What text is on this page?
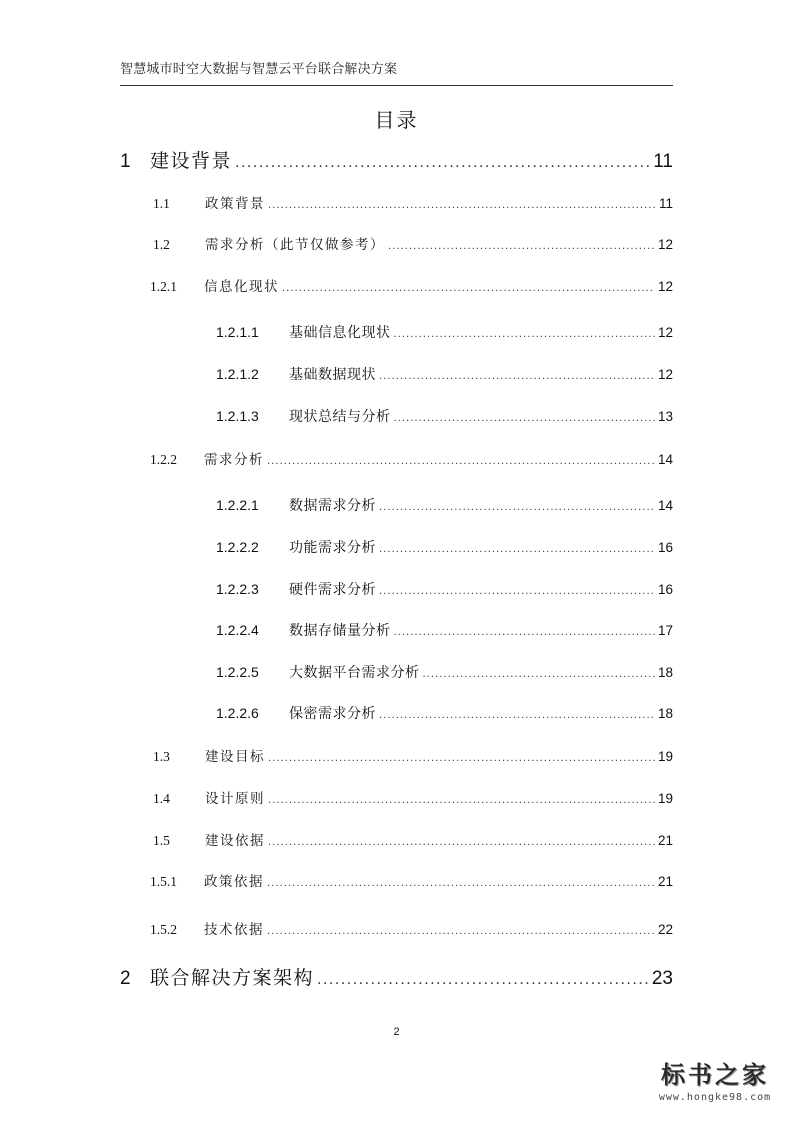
智慧城市时空大数据与智慧云平台联合解决方案
目录
1 建设背景 .....	11
1.1	政策背景 .....	11
1.2	需求分析（此节仅做参考） .....	12
1.2.1	信息化现状 .....	12
1.2.1.1	基础信息化现状 .....	12
1.2.1.2	基础数据现状 .....	12
1.2.1.3	现状总结与分析 .....	13
1.2.2	需求分析 .....	14
1.2.2.1	数据需求分析 .....	14
1.2.2.2	功能需求分析 .....	16
1.2.2.3	硬件需求分析 .....	16
1.2.2.4	数据存储量分析 .....	17
1.2.2.5	大数据平台需求分析 .....	18
1.2.2.6	保密需求分析 .....	18
1.3	建设目标 .....	19
1.4	设计原则 .....	19
1.5	建设依据 .....	21
1.5.1	政策依据 .....	21
1.5.2	技术依据 .....	22
2 联合解决方案架构 .....	23
2
标书之家
www.hongke98.com
